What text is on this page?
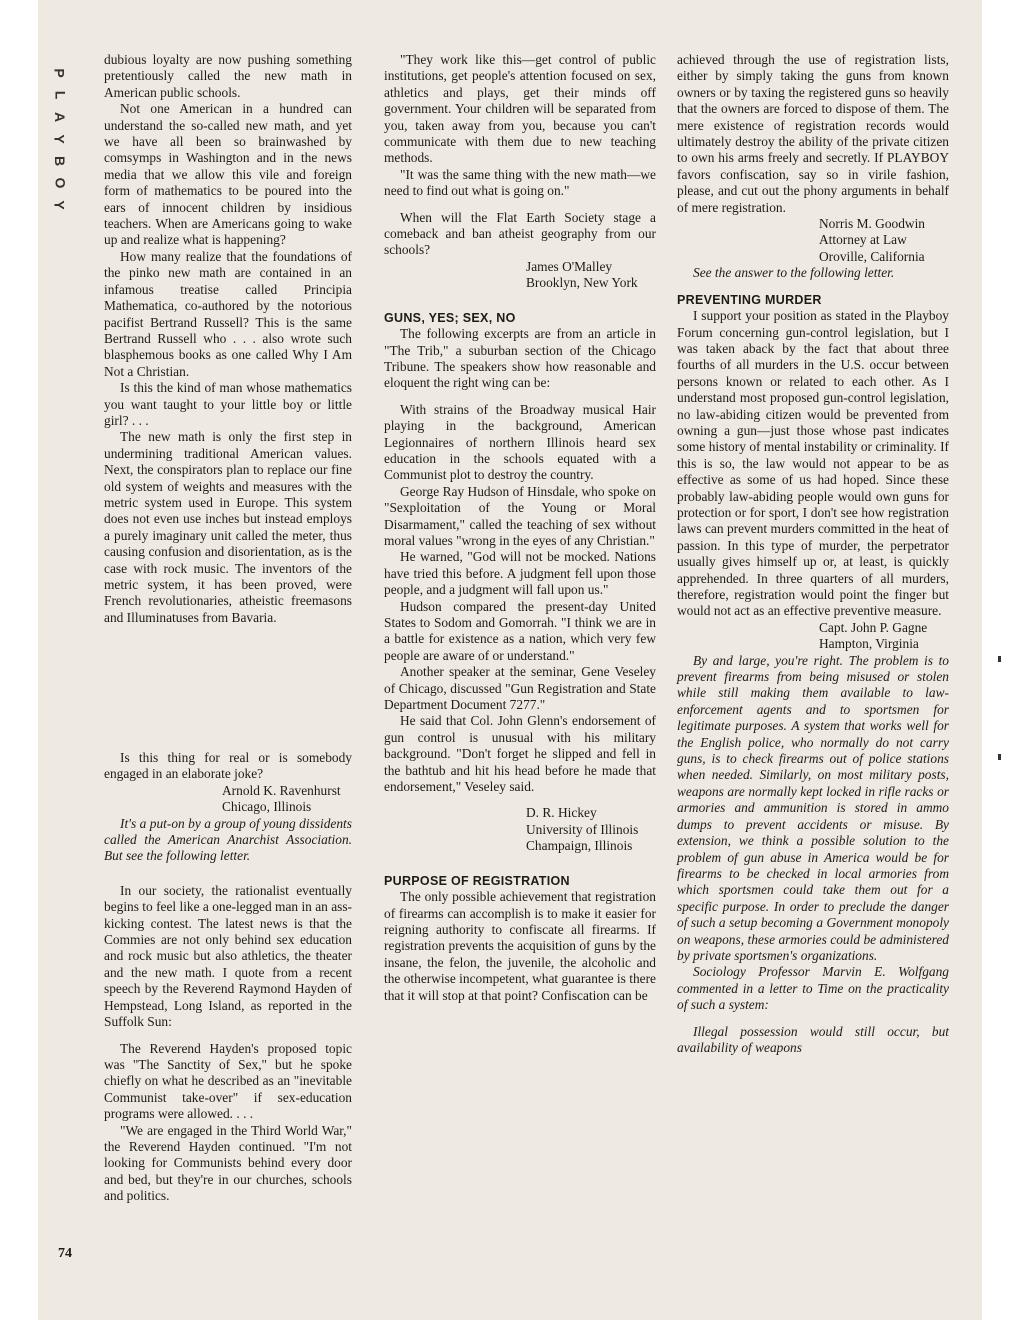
P
L
A
Y
B
O
Y
74

dubious loyalty are now pushing something pretentiously called the new math in American public schools.

Not one American in a hundred can understand the so-called new math, and yet we have all been so brainwashed by comsymps in Washington and in the news media that we allow this vile and foreign form of mathematics to be poured into the ears of innocent children by insidious teachers. When are Americans going to wake up and realize what is happening?

How many realize that the foundations of the pinko new math are contained in an infamous treatise called Principia Mathematica, co-authored by the notorious pacifist Bertrand Russell? This is the same Bertrand Russell who . . . also wrote such blasphemous books as one called Why I Am Not a Christian.

Is this the kind of man whose mathematics you want taught to your little boy or little girl? . . .

The new math is only the first step in undermining traditional American values. Next, the conspirators plan to replace our fine old system of weights and measures with the metric system used in Europe. This system does not even use inches but instead employs a purely imaginary unit called the meter, thus causing confusion and disorientation, as is the case with rock music. The inventors of the metric system, it has been proved, were French revolutionaries, atheistic freemasons and Illuminatuses from Bavaria.

Is this thing for real or is somebody engaged in an elaborate joke?

Arnold K. Ravenhurst

Chicago, Illinois

It's a put-on by a group of young dissidents called the American Anarchist Association. But see the following letter.

In our society, the rationalist eventually begins to feel like a one-legged man in an ass-kicking contest. The latest news is that the Commies are not only behind sex education and rock music but also athletics, the theater and the new math. I quote from a recent speech by the Reverend Raymond Hayden of Hempstead, Long Island, as reported in the Suffolk Sun:

The Reverend Hayden's proposed topic was "The Sanctity of Sex," but he spoke chiefly on what he described as an "inevitable Communist take-over" if sex-education programs were allowed. . . .

"We are engaged in the Third World War," the Reverend Hayden continued. "I'm not looking for Communists behind every door and bed, but they're in our churches, schools and politics.

"They work like this—get control of public institutions, get people's attention focused on sex, athletics and plays, get their minds off government. Your children will be separated from you, taken away from you, because you can't communicate with them due to new teaching methods.

"It was the same thing with the new math—we need to find out what is going on."

When will the Flat Earth Society stage a comeback and ban atheist geography from our schools?

James O'Malley

Brooklyn, New York

GUNS, YES; SEX, NO

The following excerpts are from an article in "The Trib," a suburban section of the Chicago Tribune. The speakers show how reasonable and eloquent the right wing can be:

With strains of the Broadway musical Hair playing in the background, American Legionnaires of northern Illinois heard sex education in the schools equated with a Communist plot to destroy the country.

George Ray Hudson of Hinsdale, who spoke on "Sexploitation of the Young or Moral Disarmament," called the teaching of sex without moral values "wrong in the eyes of any Christian."

He warned, "God will not be mocked. Nations have tried this before. A judgment fell upon those people, and a judgment will fall upon us."

Hudson compared the present-day United States to Sodom and Gomorrah. "I think we are in a battle for existence as a nation, which very few people are aware of or understand."

Another speaker at the seminar, Gene Veseley of Chicago, discussed "Gun Registration and State Department Document 7277."

He said that Col. John Glenn's endorsement of gun control is unusual with his military background. "Don't forget he slipped and fell in the bathtub and hit his head before he made that endorsement," Veseley said.

D. R. Hickey

University of Illinois

Champaign, Illinois

PURPOSE OF REGISTRATION

The only possible achievement that registration of firearms can accomplish is to make it easier for reigning authority to confiscate all firearms. If registration prevents the acquisition of guns by the insane, the felon, the juvenile, the alcoholic and the otherwise incompetent, what guarantee is there that it will stop at that point? Confiscation can be

achieved through the use of registration lists, either by simply taking the guns from known owners or by taxing the registered guns so heavily that the owners are forced to dispose of them. The mere existence of registration records would ultimately destroy the ability of the private citizen to own his arms freely and secretly. If PLAYBOY favors confiscation, say so in virile fashion, please, and cut out the phony arguments in behalf of mere registration.

Norris M. Goodwin

Attorney at Law

Oroville, California

See the answer to the following letter.

PREVENTING MURDER

I support your position as stated in the Playboy Forum concerning gun-control legislation, but I was taken aback by the fact that about three fourths of all murders in the U.S. occur between persons known or related to each other. As I understand most proposed gun-control legislation, no law-abiding citizen would be prevented from owning a gun—just those whose past indicates some history of mental instability or criminality. If this is so, the law would not appear to be as effective as some of us had hoped. Since these probably law-abiding people would own guns for protection or for sport, I don't see how registration laws can prevent murders committed in the heat of passion. In this type of murder, the perpetrator usually gives himself up or, at least, is quickly apprehended. In three quarters of all murders, therefore, registration would point the finger but would not act as an effective preventive measure.

Capt. John P. Gagne

Hampton, Virginia

By and large, you're right. The problem is to prevent firearms from being misused or stolen while still making them available to law-enforcement agents and to sportsmen for legitimate purposes. A system that works well for the English police, who normally do not carry guns, is to check firearms out of police stations when needed. Similarly, on most military posts, weapons are normally kept locked in rifle racks or armories and ammunition is stored in ammo dumps to prevent accidents or misuse. By extension, we think a possible solution to the problem of gun abuse in America would be for firearms to be checked in local armories from which sportsmen could take them out for a specific purpose. In order to preclude the danger of such a setup becoming a Government monopoly on weapons, these armories could be administered by private sportsmen's organizations.

Sociology Professor Marvin E. Wolfgang commented in a letter to Time on the practicality of such a system:

Illegal possession would still occur, but availability of weapons
